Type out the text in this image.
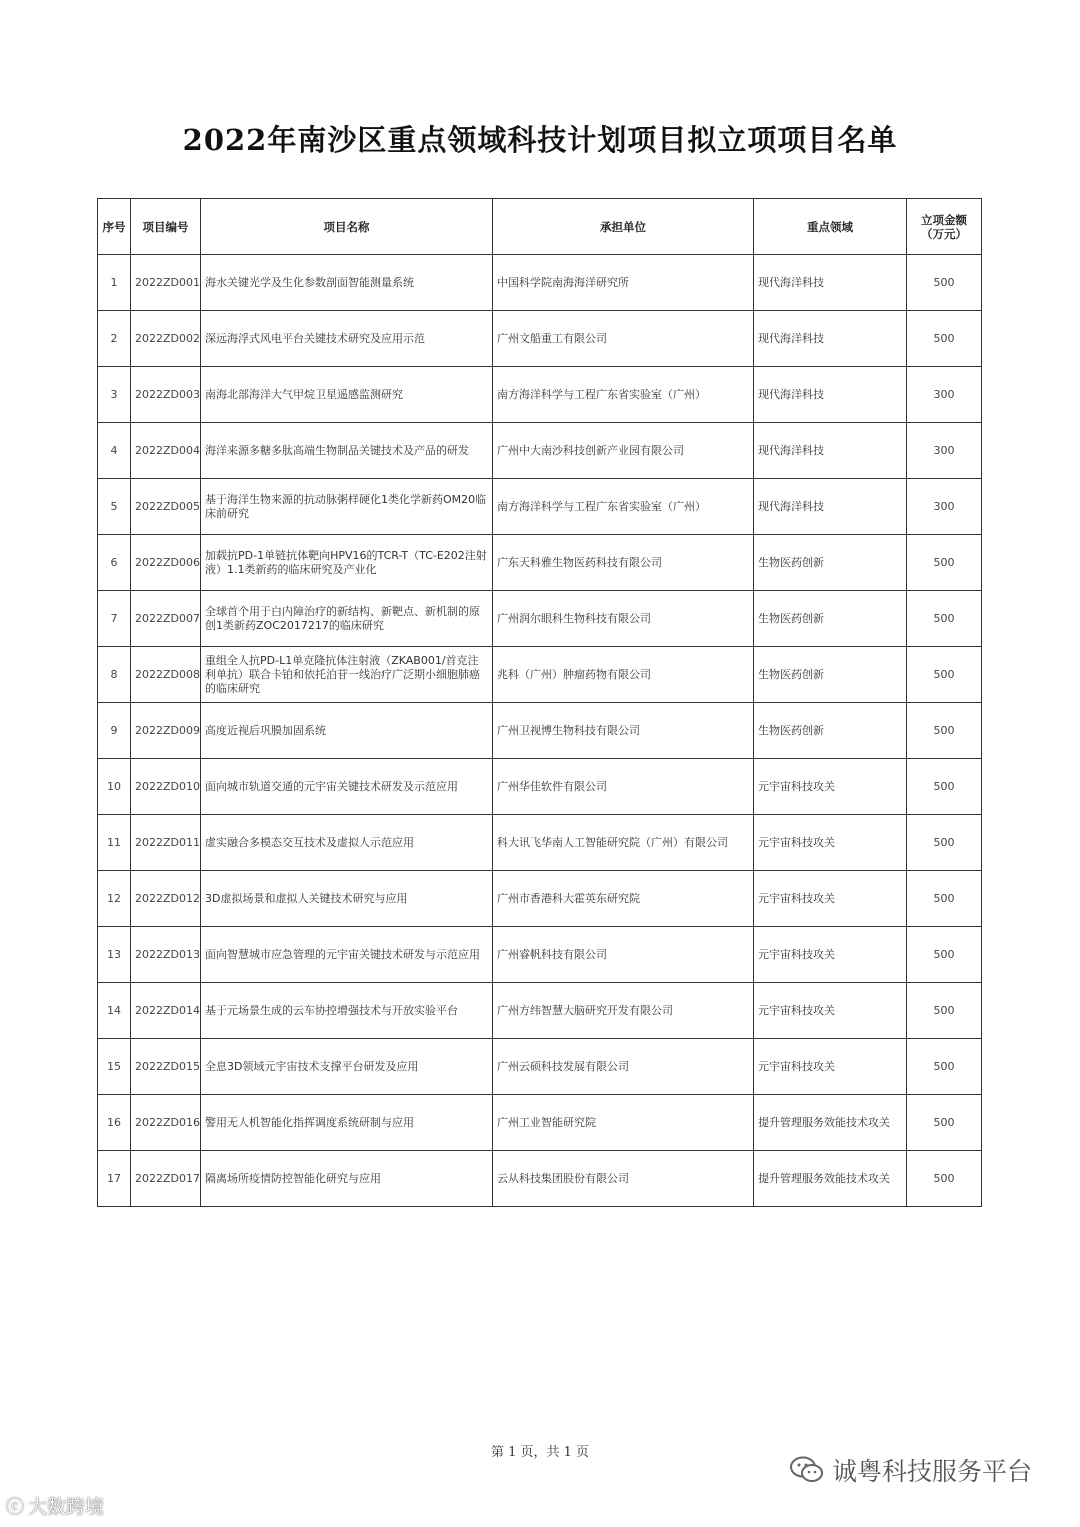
2022年南沙区重点领域科技计划项目拟立项项目名单
序号	项目编号	项目名称	承担单位	重点领域	立项金额（万元）
1	2022ZD001	海水关键光学及生化参数剖面智能测量系统	中国科学院南海海洋研究所	现代海洋科技	500
2	2022ZD002	深远海浮式风电平台关键技术研究及应用示范	广州文船重工有限公司	现代海洋科技	500
3	2022ZD003	南海北部海洋大气甲烷卫星遥感监测研究	南方海洋科学与工程广东省实验室（广州）	现代海洋科技	300
4	2022ZD004	海洋来源多糖多肽高端生物制品关键技术及产品的研发	广州中大南沙科技创新产业园有限公司	现代海洋科技	300
5	2022ZD005	基于海洋生物来源的抗动脉粥样硬化1类化学新药OM20临床前研究	南方海洋科学与工程广东省实验室（广州）	现代海洋科技	300
6	2022ZD006	加载抗PD-1单链抗体靶向HPV16的TCR-T（TC-E202注射液）1.1类新药的临床研究及产业化	广东天科雅生物医药科技有限公司	生物医药创新	500
7	2022ZD007	全球首个用于白内障治疗的新结构、新靶点、新机制的原创1类新药ZOC2017217的临床研究	广州润尔眼科生物科技有限公司	生物医药创新	500
8	2022ZD008	重组全人抗PD-L1单克隆抗体注射液（ZKAB001/首克注利单抗）联合卡铂和依托泊苷一线治疗广泛期小细胞肺癌的临床研究	兆科（广州）肿瘤药物有限公司	生物医药创新	500
9	2022ZD009	高度近视后巩膜加固系统	广州卫视博生物科技有限公司	生物医药创新	500
10	2022ZD010	面向城市轨道交通的元宇宙关键技术研发及示范应用	广州华佳软件有限公司	元宇宙科技攻关	500
11	2022ZD011	虚实融合多模态交互技术及虚拟人示范应用	科大讯飞华南人工智能研究院（广州）有限公司	元宇宙科技攻关	500
12	2022ZD012	3D虚拟场景和虚拟人关键技术研究与应用	广州市香港科大霍英东研究院	元宇宙科技攻关	500
13	2022ZD013	面向智慧城市应急管理的元宇宙关键技术研发与示范应用	广州睿帆科技有限公司	元宇宙科技攻关	500
14	2022ZD014	基于元场景生成的云车协控增强技术与开放实验平台	广州方纬智慧大脑研究开发有限公司	元宇宙科技攻关	500
15	2022ZD015	全息3D领域元宇宙技术支撑平台研发及应用	广州云硕科技发展有限公司	元宇宙科技攻关	500
16	2022ZD016	警用无人机智能化指挥调度系统研制与应用	广州工业智能研究院	提升管理服务效能技术攻关	500
17	2022ZD017	隔离场所疫情防控智能化研究与应用	云从科技集团股份有限公司	提升管理服务效能技术攻关	500
第 1 页，共 1 页
ⓒ 大数跨境
诚粤科技服务平台
